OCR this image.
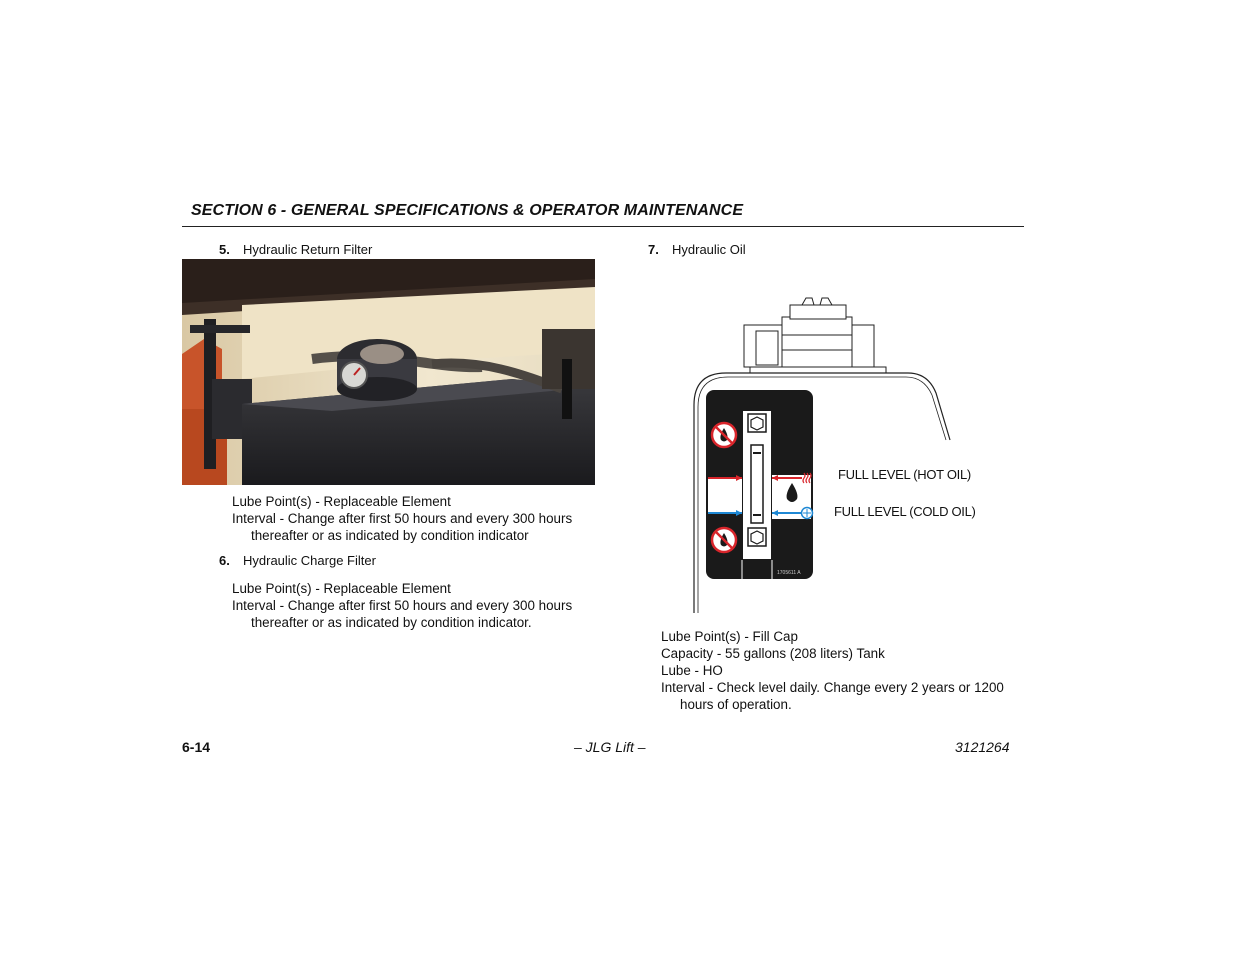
SECTION 6 - GENERAL SPECIFICATIONS & OPERATOR MAINTENANCE
5. Hydraulic Return Filter
Lube Point(s) - Replaceable Element
Interval - Change after first 50 hours and every 300 hours
thereafter or as indicated by condition indicator
6. Hydraulic Charge Filter
Lube Point(s) - Replaceable Element
Interval - Change after first 50 hours and every 300 hours
thereafter or as indicated by condition indicator.
7. Hydraulic Oil
1705611 A
FULL LEVEL (HOT OIL)
FULL LEVEL (COLD OIL)
Lube Point(s) - Fill Cap
Capacity - 55 gallons (208 liters) Tank
Lube - HO
Interval - Check level daily. Change every 2 years or 1200
hours of operation.
6-14	– JLG Lift –	3121264
